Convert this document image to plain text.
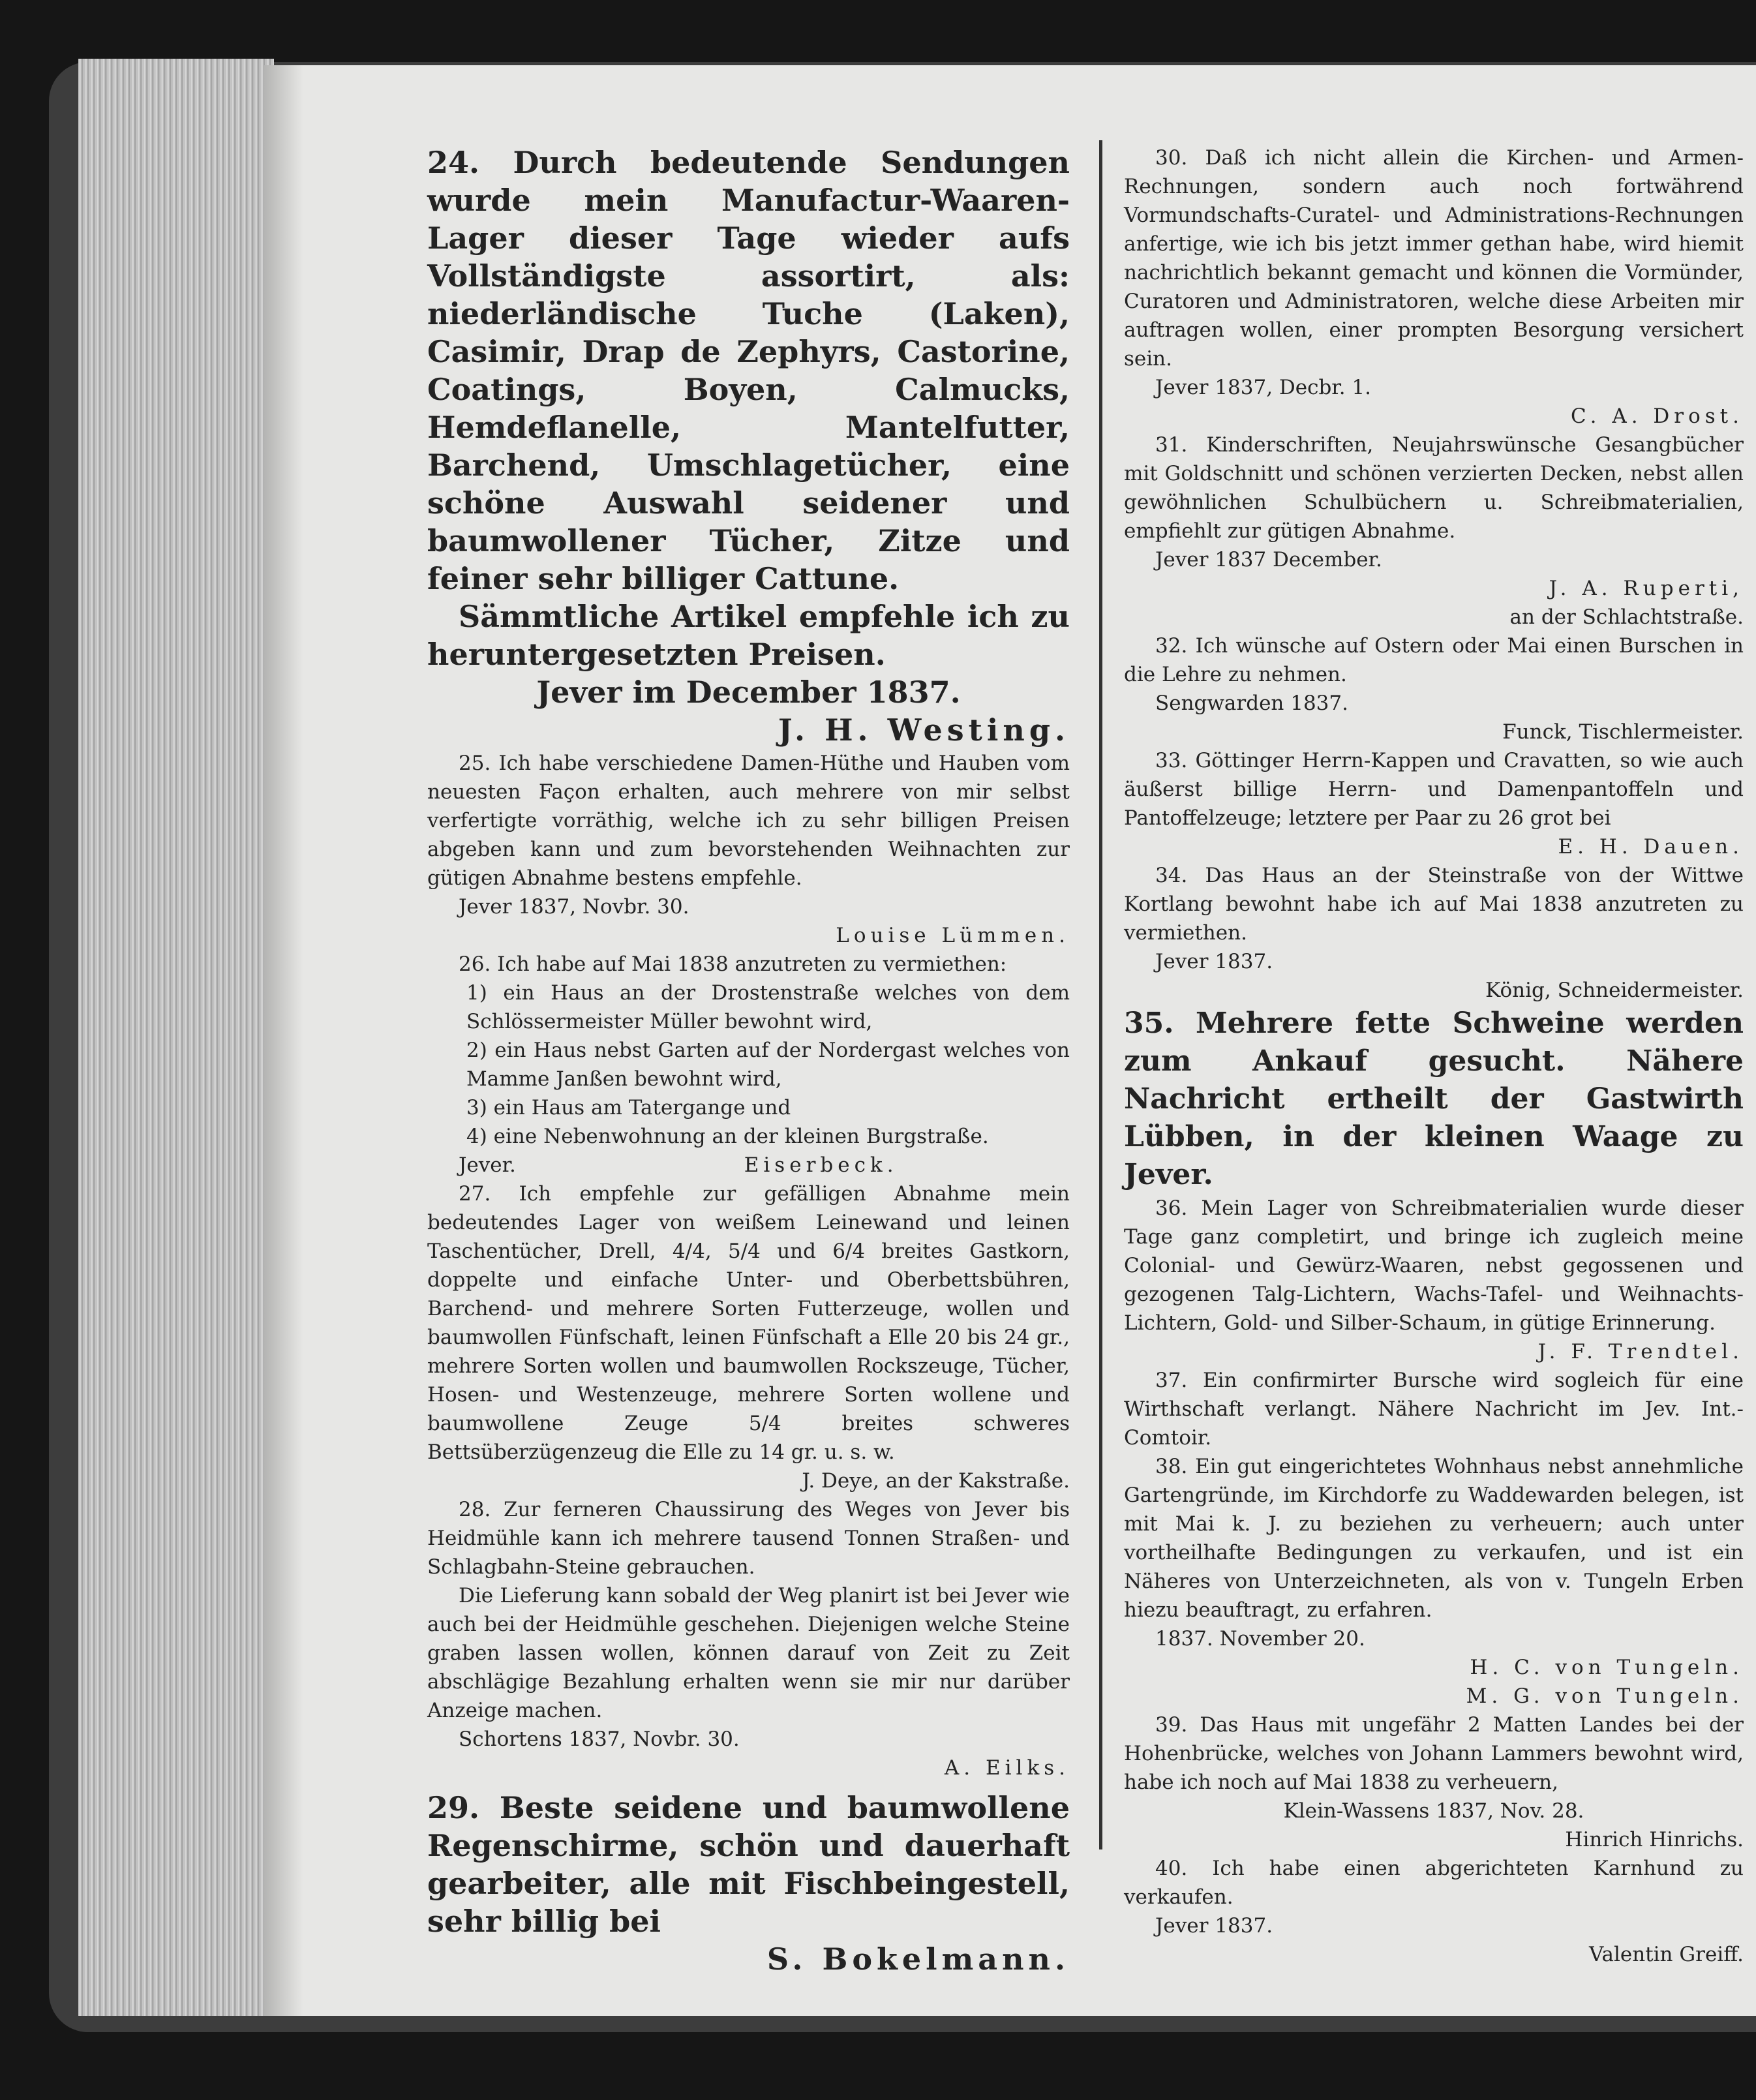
24. Durch bedeutende Sendungen wurde mein Manufactur-Waaren-Lager dieser Tage wieder aufs Vollständigste assortirt, als: niederländische Tuche (Laken), Casimir, Drap de Zephyrs, Castorine, Coatings, Boyen, Calmucks, Hemdeflanelle, Mantelfutter, Barchend, Umschlagetücher, eine schöne Auswahl seidener und baumwollener Tücher, Zitze und feiner sehr billiger Cattune.

Sämmtliche Artikel empfehle ich zu heruntergesetzten Preisen.

Jever im December 1837.

J. H. Westing.

25. Ich habe verschiedene Damen-Hüthe und Hauben vom neuesten Façon erhalten, auch mehrere von mir selbst verfertigte vorräthig, welche ich zu sehr billigen Preisen abgeben kann und zum bevorstehenden Weihnachten zur gütigen Abnahme bestens empfehle.

Jever 1837, Novbr. 30.

Louise Lümmen.

26. Ich habe auf Mai 1838 anzutreten zu vermiethen:

1) ein Haus an der Drostenstraße welches von dem Schlössermeister Müller bewohnt wird,

2) ein Haus nebst Garten auf der Nordergast welches von Mamme Janßen bewohnt wird,

3) ein Haus am Tatergange und

4) eine Nebenwohnung an der kleinen Burgstraße.

Jever.	Eiserbeck.

27. Ich empfehle zur gefälligen Abnahme mein bedeutendes Lager von weißem Leinewand und leinen Taschentücher, Drell, 4/4, 5/4 und 6/4 breites Gastkorn, doppelte und einfache Unter- und Oberbettsbühren, Barchend- und mehrere Sorten Futterzeuge, wollen und baumwollen Fünfschaft, leinen Fünfschaft a Elle 20 bis 24 gr., mehrere Sorten wollen und baumwollen Rockszeuge, Tücher, Hosen- und Westenzeuge, mehrere Sorten wollene und baumwollene Zeuge 5/4 breites schweres Bettsüberzügenzeug die Elle zu 14 gr. u. s. w.

J. Deye, an der Kakstraße.

28. Zur ferneren Chaussirung des Weges von Jever bis Heidmühle kann ich mehrere tausend Tonnen Straßen- und Schlagbahn-Steine gebrauchen.

Die Lieferung kann sobald der Weg planirt ist bei Jever wie auch bei der Heidmühle geschehen. Diejenigen welche Steine graben lassen wollen, können darauf von Zeit zu Zeit abschlägige Bezahlung erhalten wenn sie mir nur darüber Anzeige machen.

Schortens 1837, Novbr. 30.

A. Eilks.

29. Beste seidene und baumwollene Regenschirme, schön und dauerhaft gearbeiter, alle mit Fischbeingestell, sehr billig bei

S. Bokelmann.

30. Daß ich nicht allein die Kirchen- und Armen-Rechnungen, sondern auch noch fortwährend Vormundschafts-Curatel- und Administrations-Rechnungen anfertige, wie ich bis jetzt immer gethan habe, wird hiemit nachrichtlich bekannt gemacht und können die Vormünder, Curatoren und Administratoren, welche diese Arbeiten mir auftragen wollen, einer prompten Besorgung versichert sein.

Jever 1837, Decbr. 1.

C. A. Drost.

31. Kinderschriften, Neujahrswünsche Gesangbücher mit Goldschnitt und schönen verzierten Decken, nebst allen gewöhnlichen Schulbüchern u. Schreibmaterialien, empfiehlt zur gütigen Abnahme.

Jever 1837 December.

J. A. Ruperti,

an der Schlachtstraße.

32. Ich wünsche auf Ostern oder Mai einen Burschen in die Lehre zu nehmen.

Sengwarden 1837.

Funck, Tischlermeister.

33. Göttinger Herrn-Kappen und Cravatten, so wie auch äußerst billige Herrn- und Damenpantoffeln und Pantoffelzeuge; letztere per Paar zu 26 grot bei

E. H. Dauen.

34. Das Haus an der Steinstraße von der Wittwe Kortlang bewohnt habe ich auf Mai 1838 anzutreten zu vermiethen.

Jever 1837.

König, Schneidermeister.

35. Mehrere fette Schweine werden zum Ankauf gesucht. Nähere Nachricht ertheilt der Gastwirth Lübben, in der kleinen Waage zu Jever.

36. Mein Lager von Schreibmaterialien wurde dieser Tage ganz completirt, und bringe ich zugleich meine Colonial- und Gewürz-Waaren, nebst gegossenen und gezogenen Talg-Lichtern, Wachs-Tafel- und Weihnachts-Lichtern, Gold- und Silber-Schaum, in gütige Erinnerung.

J. F. Trendtel.

37. Ein confirmirter Bursche wird sogleich für eine Wirthschaft verlangt. Nähere Nachricht im Jev. Int.-Comtoir.

38. Ein gut eingerichtetes Wohnhaus nebst annehmliche Gartengründe, im Kirchdorfe zu Waddewarden belegen, ist mit Mai k. J. zu beziehen zu verheuern; auch unter vortheilhafte Bedingungen zu verkaufen, und ist ein Näheres von Unterzeichneten, als von v. Tungeln Erben hiezu beauftragt, zu erfahren.

1837. November 20.

H. C. von Tungeln.

M. G. von Tungeln.

39. Das Haus mit ungefähr 2 Matten Landes bei der Hohenbrücke, welches von Johann Lammers bewohnt wird, habe ich noch auf Mai 1838 zu verheuern,

Klein-Wassens 1837, Nov. 28.

Hinrich Hinrichs.

40. Ich habe einen abgerichteten Karnhund zu verkaufen.

Jever 1837.

Valentin Greiff.
